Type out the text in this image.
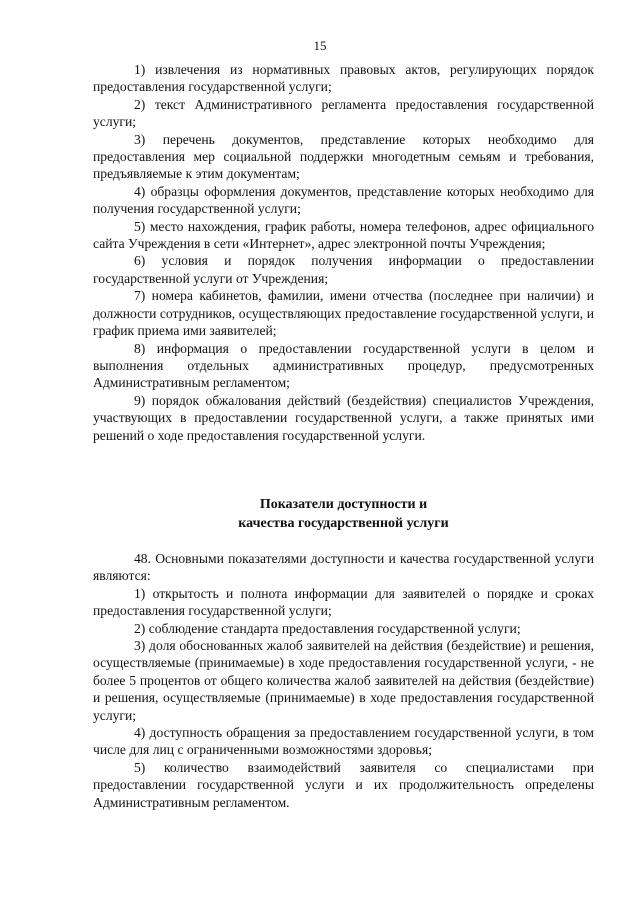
15

1) извлечения из нормативных правовых актов, регулирующих порядок предоставления государственной услуги;

2) текст Административного регламента предоставления государственной услуги;

3) перечень документов, представление которых необходимо для предоставления мер социальной поддержки многодетным семьям и требования, предъявляемые к этим документам;

4) образцы оформления документов, представление которых необходимо для получения государственной услуги;

5) место нахождения, график работы, номера телефонов, адрес официального сайта Учреждения в сети «Интернет», адрес электронной почты Учреждения;

6) условия и порядок получения информации о предоставлении государственной услуги от Учреждения;

7) номера кабинетов, фамилии, имени отчества (последнее при наличии) и должности сотрудников, осуществляющих предоставление государственной услуги, и график приема ими заявителей;

8) информация о предоставлении государственной услуги в целом и выполнения отдельных административных процедур, предусмотренных Административным регламентом;

9) порядок обжалования действий (бездействия) специалистов Учреждения, участвующих в предоставлении государственной услуги, а также принятых ими решений о ходе предоставления государственной услуги.

Показатели доступности и
качества государственной услуги

48. Основными показателями доступности и качества государственной услуги являются:

1) открытость и полнота информации для заявителей о порядке и сроках предоставления государственной услуги;

2) соблюдение стандарта предоставления государственной услуги;

3) доля обоснованных жалоб заявителей на действия (бездействие) и решения, осуществляемые (принимаемые) в ходе предоставления государственной услуги, - не более 5 процентов от общего количества жалоб заявителей на действия (бездействие) и решения, осуществляемые (принимаемые) в ходе предоставления государственной услуги;

4) доступность обращения за предоставлением государственной услуги, в том числе для лиц с ограниченными возможностями здоровья;

5) количество взаимодействий заявителя со специалистами при предоставлении государственной услуги и их продолжительность определены Административным регламентом.
